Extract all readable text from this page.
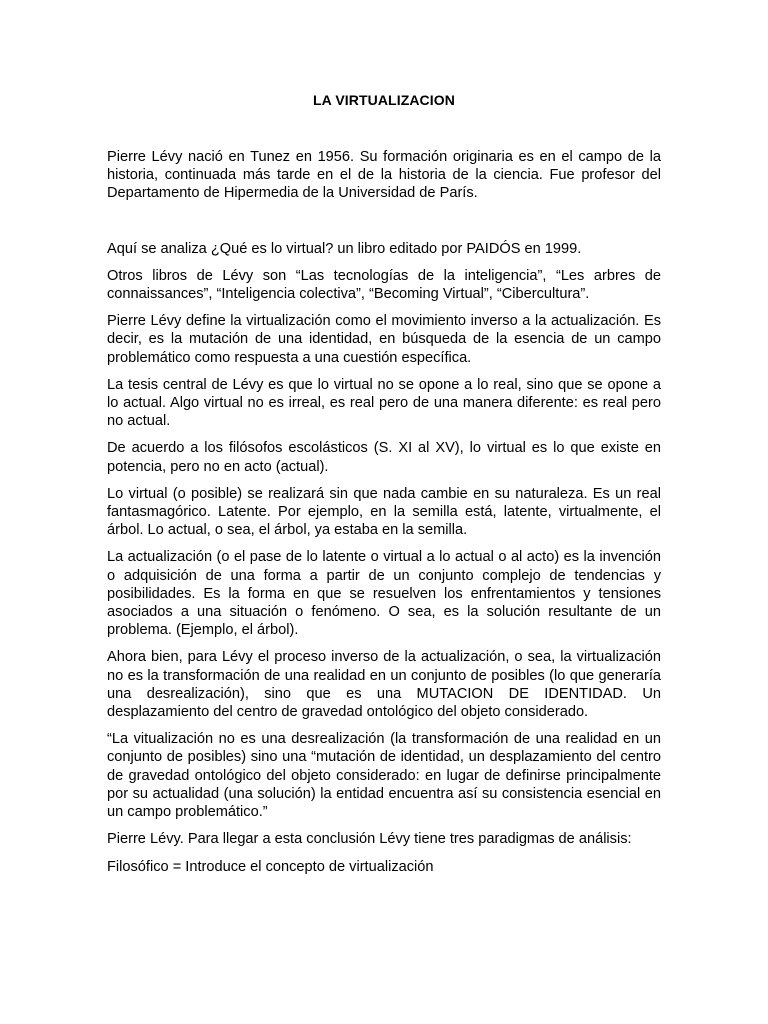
LA VIRTUALIZACION

Pierre Lévy nació en Tunez en 1956. Su formación originaria es en el campo de la historia, continuada más tarde en el de la historia de la ciencia. Fue profesor del Departamento de Hipermedia de la Universidad de París.

Aquí se analiza ¿Qué es lo virtual? un libro editado por PAIDÓS en 1999.

Otros libros de Lévy son “Las tecnologías de la inteligencia”, “Les arbres de connaissances”, “Inteligencia colectiva”, “Becoming Virtual”, “Cibercultura”.

Pierre Lévy define la virtualización como el movimiento inverso a la actualización. Es decir, es la mutación de una identidad, en búsqueda de la esencia de un campo problemático como respuesta a una cuestión específica.

La tesis central de Lévy es que lo virtual no se opone a lo real, sino que se opone a lo actual. Algo virtual no es irreal, es real pero de una manera diferente: es real pero no actual.

De acuerdo a los filósofos escolásticos (S. XI al XV), lo virtual es lo que existe en potencia, pero no en acto (actual).

Lo virtual (o posible) se realizará sin que nada cambie en su naturaleza. Es un real fantasmagórico. Latente. Por ejemplo, en la semilla está, latente, virtualmente, el árbol. Lo actual, o sea, el árbol, ya estaba en la semilla.

La actualización (o el pase de lo latente o virtual a lo actual o al acto) es la invención o adquisición de una forma a partir de un conjunto complejo de tendencias y posibilidades. Es la forma en que se resuelven los enfrentamientos y tensiones asociados a una situación o fenómeno. O sea, es la solución resultante de un problema. (Ejemplo, el árbol).

Ahora bien, para Lévy el proceso inverso de la actualización, o sea, la virtualización no es la transformación de una realidad en un conjunto de posibles (lo que generaría una desrealización), sino que es una MUTACION DE IDENTIDAD. Un desplazamiento del centro de gravedad ontológico del objeto considerado.

“La vitualización no es una desrealización (la transformación de una realidad en un conjunto de posibles) sino una “mutación de identidad, un desplazamiento del centro de gravedad ontológico del objeto considerado: en lugar de definirse principalmente por su actualidad (una solución) la entidad encuentra así su consistencia esencial en un campo problemático.”

Pierre Lévy. Para llegar a esta conclusión Lévy tiene tres paradigmas de análisis:

Filosófico = Introduce el concepto de virtualización
